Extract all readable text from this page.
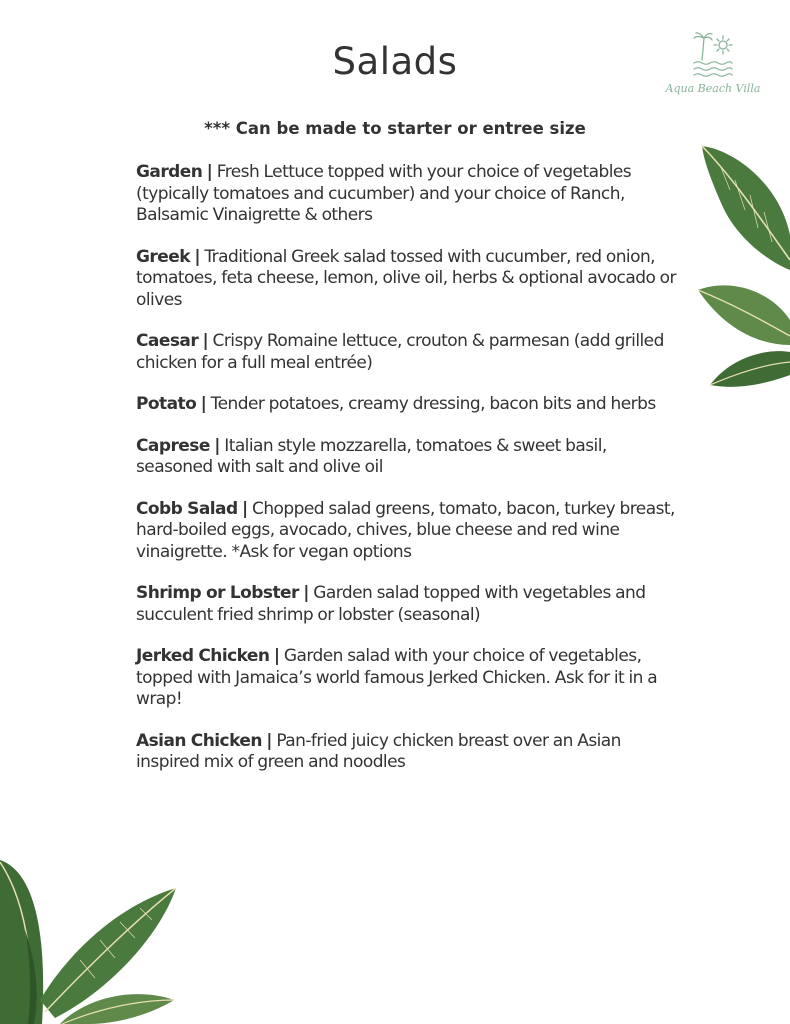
Salads
Aqua Beach Villa
*** Can be made to starter or entree size

Garden | Fresh Lettuce topped with your choice of vegetables (typically tomatoes and cucumber) and your choice of Ranch, Balsamic Vinaigrette & others

Greek | Traditional Greek salad tossed with cucumber, red onion, tomatoes, feta cheese, lemon, olive oil, herbs & optional avocado or olives

Caesar | Crispy Romaine lettuce, crouton & parmesan (add grilled chicken for a full meal entrée)

Potato | Tender potatoes, creamy dressing, bacon bits and herbs

Caprese | Italian style mozzarella, tomatoes & sweet basil, seasoned with salt and olive oil

Cobb Salad | Chopped salad greens, tomato, bacon, turkey breast, hard-boiled eggs, avocado, chives, blue cheese and red wine vinaigrette. *Ask for vegan options

Shrimp or Lobster | Garden salad topped with vegetables and succulent fried shrimp or lobster (seasonal)

Jerked Chicken | Garden salad with your choice of vegetables, topped with Jamaica’s world famous Jerked Chicken. Ask for it in a wrap!

Asian Chicken | Pan-fried juicy chicken breast over an Asian inspired mix of green and noodles
